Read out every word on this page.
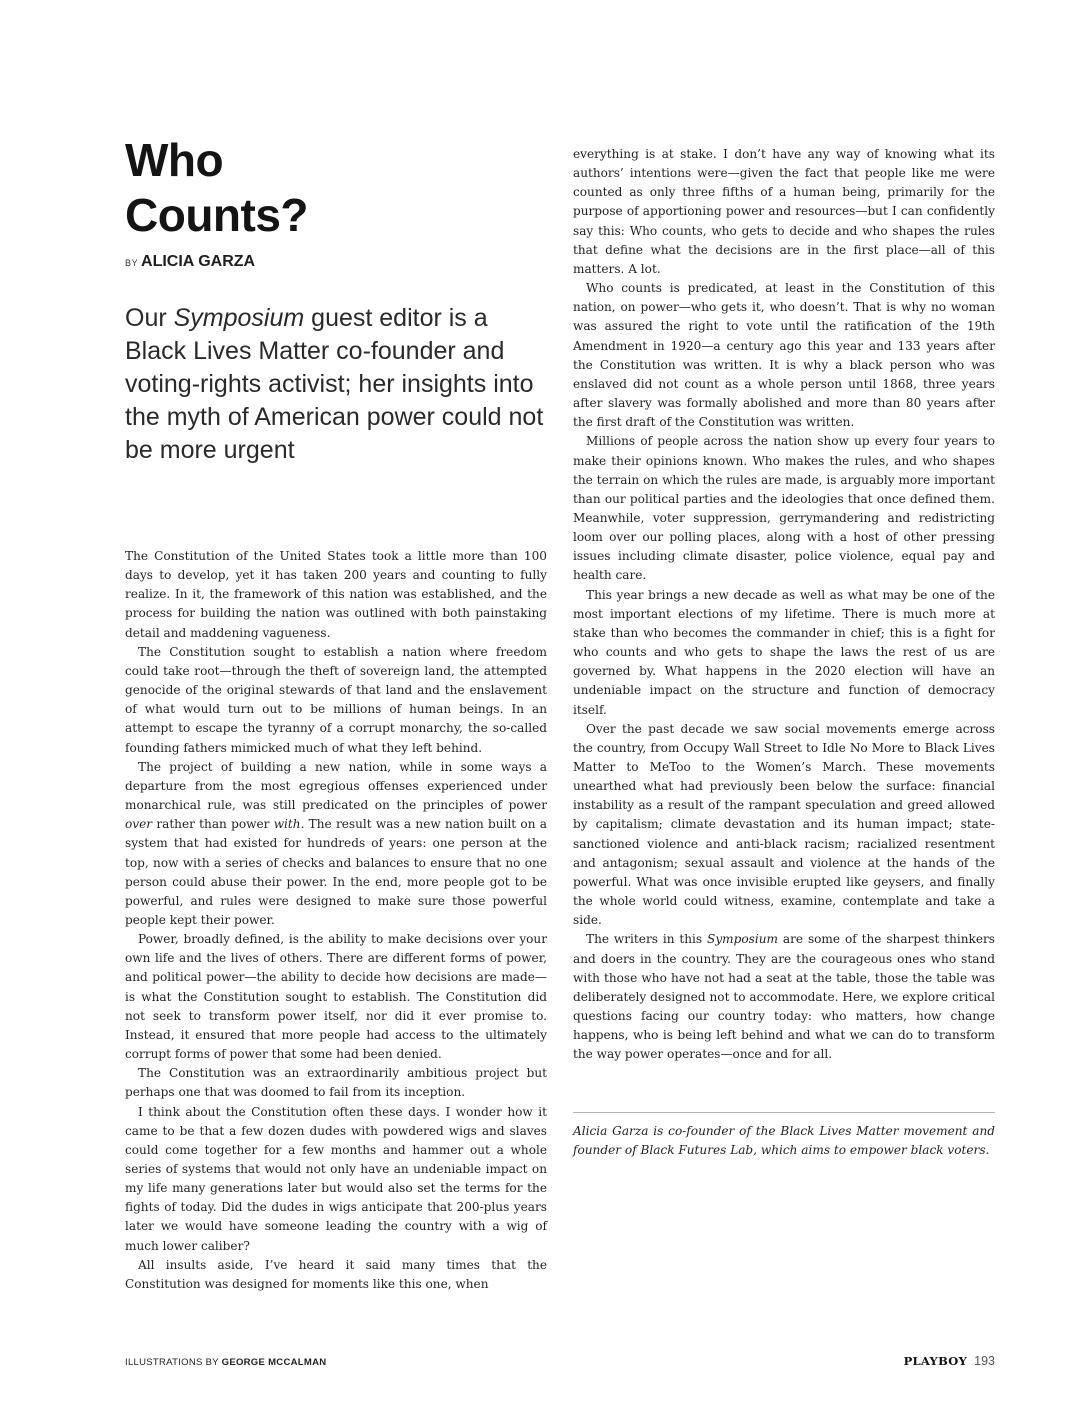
Who
Counts?
BY ALICIA GARZA

Our Symposium guest editor is a Black Lives Matter co-founder and voting-rights activist; her insights into the myth of American power could not be more urgent

The Constitution of the United States took a little more than 100 days to develop, yet it has taken 200 years and counting to fully realize. In it, the framework of this nation was established, and the process for building the nation was outlined with both painstaking detail and maddening vagueness.

The Constitution sought to establish a nation where freedom could take root—through the theft of sovereign land, the attempted genocide of the original stewards of that land and the enslavement of what would turn out to be millions of human beings. In an attempt to escape the tyranny of a corrupt monarchy, the so-called founding fathers mimicked much of what they left behind.

The project of building a new nation, while in some ways a departure from the most egregious offenses experienced under monarchical rule, was still predicated on the principles of power over rather than power with. The result was a new nation built on a system that had existed for hundreds of years: one person at the top, now with a series of checks and balances to ensure that no one person could abuse their power. In the end, more people got to be powerful, and rules were designed to make sure those powerful people kept their power.

Power, broadly defined, is the ability to make decisions over your own life and the lives of others. There are different forms of power, and political power—the ability to decide how decisions are made—is what the Constitution sought to establish. The Constitution did not seek to transform power itself, nor did it ever promise to. Instead, it ensured that more people had access to the ultimately corrupt forms of power that some had been denied.

The Constitution was an extraordinarily ambitious project but perhaps one that was doomed to fail from its inception.

I think about the Constitution often these days. I wonder how it came to be that a few dozen dudes with powdered wigs and slaves could come together for a few months and hammer out a whole series of systems that would not only have an undeniable impact on my life many generations later but would also set the terms for the fights of today. Did the dudes in wigs anticipate that 200-plus years later we would have someone leading the country with a wig of much lower caliber?

All insults aside, I’ve heard it said many times that the Constitution was designed for moments like this one, when

everything is at stake. I don’t have any way of knowing what its authors’ intentions were—given the fact that people like me were counted as only three fifths of a human being, primarily for the purpose of apportioning power and resources—but I can confidently say this: Who counts, who gets to decide and who shapes the rules that define what the decisions are in the first place—all of this matters. A lot.

Who counts is predicated, at least in the Constitution of this nation, on power—who gets it, who doesn’t. That is why no woman was assured the right to vote until the ratification of the 19th Amendment in 1920—a century ago this year and 133 years after the Constitution was written. It is why a black person who was enslaved did not count as a whole person until 1868, three years after slavery was formally abolished and more than 80 years after the first draft of the Constitution was written.

Millions of people across the nation show up every four years to make their opinions known. Who makes the rules, and who shapes the terrain on which the rules are made, is arguably more important than our political parties and the ideologies that once defined them. Meanwhile, voter suppression, gerrymandering and redistricting loom over our polling places, along with a host of other pressing issues including climate disaster, police violence, equal pay and health care.

This year brings a new decade as well as what may be one of the most important elections of my lifetime. There is much more at stake than who becomes the commander in chief; this is a fight for who counts and who gets to shape the laws the rest of us are governed by. What happens in the 2020 election will have an undeniable impact on the structure and function of democracy itself.

Over the past decade we saw social movements emerge across the country, from Occupy Wall Street to Idle No More to Black Lives Matter to MeToo to the Women’s March. These movements unearthed what had previously been below the surface: financial instability as a result of the rampant speculation and greed allowed by capitalism; climate devastation and its human impact; state-sanctioned violence and anti-black racism; racialized resentment and antagonism; sexual assault and violence at the hands of the powerful. What was once invisible erupted like geysers, and finally the whole world could witness, examine, contemplate and take a side.

The writers in this Symposium are some of the sharpest thinkers and doers in the country. They are the courageous ones who stand with those who have not had a seat at the table, those the table was deliberately designed not to accommodate. Here, we explore critical questions facing our country today: who matters, how change happens, who is being left behind and what we can do to transform the way power operates—once and for all.

Alicia Garza is co-founder of the Black Lives Matter movement and founder of Black Futures Lab, which aims to empower black voters.

ILLUSTRATIONS BY GEORGE MCCALMAN	PLAYBOY 193
